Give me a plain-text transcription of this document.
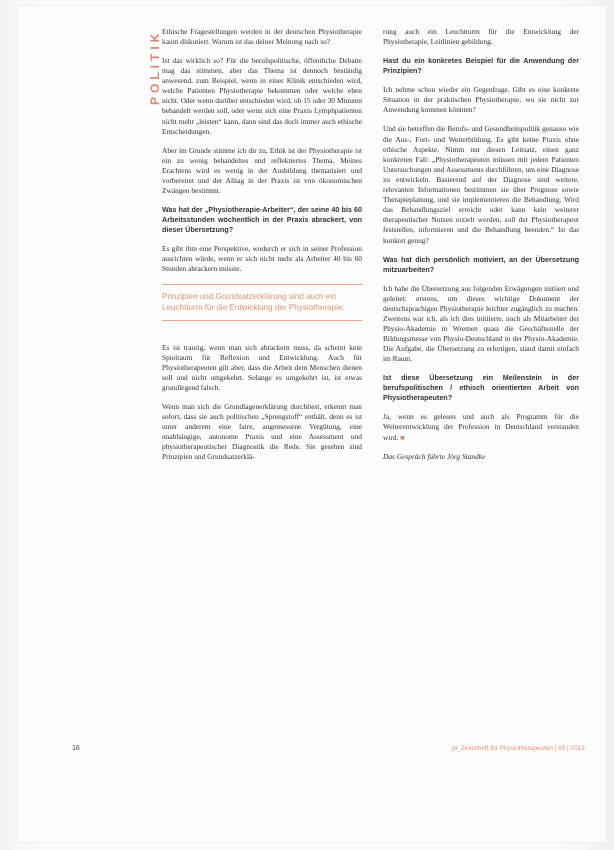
POLITIK Ethische Fragestellungen werden in der deutschen Physiotherapie kaum diskutiert. Warum ist das deiner Meinung nach so?

Ist das wirklich so? Für die berufspolitische, öffentliche Debatte mag das stimmen, aber das Thema ist dennoch beständig anwesend, zum Beispiel, wenn in einer Klinik entschieden wird, welche Patienten Physiotherapie bekommen oder welche eben nicht. Oder wenn darüber entschieden wird, ob 15 oder 30 Minuten behandelt werden soll, oder wenn sich eine Praxis Lymphpatienten nicht mehr „leisten“ kann, dann sind das doch immer auch ethische Entscheidungen.

Aber im Grunde stimme ich dir zu, Ethik ist der Physiotherapie ist ein zu wenig behandeltes und reflektiertes Thema. Meines Erachtens wird es wenig in der Ausbildung thematisiert und vorbereitet und der Alltag in der Praxis ist von ökonomischen Zwängen bestimmt.

Was hat der „Physiotherapie-Arbeiter“, der seine 40 bis 60 Arbeitsstunden wöchentlich in der Praxis abrackert, von dieser Übersetzung?

Es gibt ihm eine Perspektive, wodurch er sich in seiner Profession ausrichten würde, wenn er sich nicht mehr als Arbeiter 40 bis 60 Stunden abrackern müsste.

Prinzipien und Grundsatzerklärung sind auch ein Leuchtturm für die Entwicklung der Physiotherapie.

Es ist traurig, wenn man sich abrackern muss, da scheint kein Spielraum für Reflexion und Entwicklung. Auch für Physiotherapeuten gilt aber, dass die Arbeit dem Menschen dienen soll und nicht umgekehrt. Solange es umgekehrt ist, ist etwas grundlegend falsch.

Wenn man sich die Grundlagenerklärung durchliest, erkennt man sofort, dass sie auch politischen „Sprengstoff“ enthält, denn es ist unter anderem eine faire, angemessene Vergütung, eine unabhängige, autonome Praxis und eine Assessment und physiotherapeutischer Diagnostik die Rede. Sie gesehen sind Prinzipien und Grundsatzerklä-

rung auch ein Leuchtturm für die Entwicklung der Physiotherapie, Leitlinien gebildung.

Hast du ein konkretes Beispiel für die Anwendung der Prinzipien?

Ich nehme schon wieder ein Gegenfrage. Gibt es eine konkrete Situation in der praktischen Physiotherapie, wo sie nicht zur Anwendung kommen könnten?

Und sie betreffen die Berufs- und Gesundheitspolitik genauso wie die Aus-, Fort- und Weiterbildung. Es gibt keine Praxis ohne ethische Aspekte. Nimm nur diesen Leitsatz, einen ganz konkreten Fall: „Physiotherapeuten müssen mit jedem Patienten Untersuchungen und Assessments durchführen, um eine Diagnose zu entwickeln. Basierend auf der Diagnose sind weitere, relevanten Informationen bestimmen sie über Prognose sowie Therapieplanung, und sie implementieren die Behandlung. Wird das Behandlungsziel erreicht oder kann kein weiterer therapeutischer Nutzen erzielt werden, soll der Physiotherapeut feststellen, informieren und die Behandlung beenden.“ Ist das konkret genug?

Was hat dich persönlich motiviert, an der Übersetzung mitzuarbeiten?

Ich habe die Übersetzung aus folgenden Erwägungen initiiert und geleitet: erstens, um dieses wichtige Dokument der deutschsprachigen Physiotherapie leichter zugänglich zu machen. Zweitens war ich, als ich dies initiierte, noch als Mitarbeiter der Physio-Akademie in Wremen quasi die Geschäftsstelle der Bildungsmesse von Physio-Deutschland in der Physio-Akademie. Die Aufgabe, die Übersetzung zu erfertigen, stand damit einfach im Raum.

Ist diese Übersetzung ein Meilenstein in der berufspolitischen / ethisch orientierten Arbeit von Physiotherapeuten?

Ja, wenn es gelesen und auch als Programm für die Weiterentwicklung der Profession in Deutschland verstanden wird. ■

Das Gespräch führte Jörg Standke

16	pt_Zeitschrift für Physiotherapeuten | 65 | 2013
